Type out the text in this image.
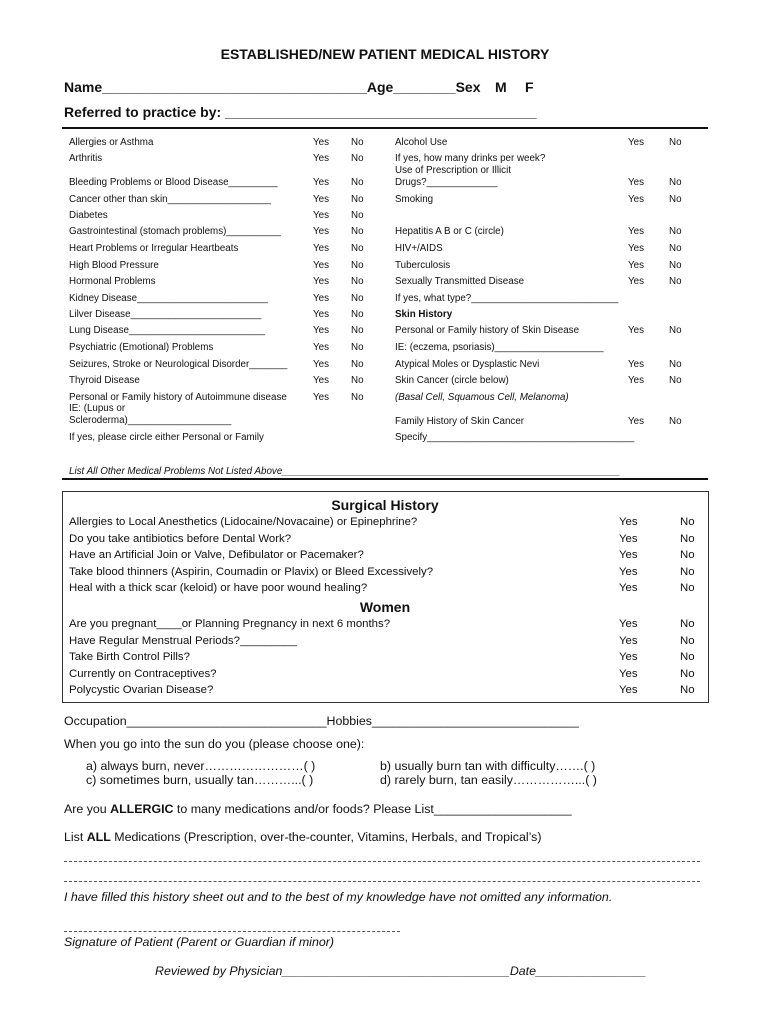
ESTABLISHED/NEW PATIENT MEDICAL HISTORY
Name__________________________________Age________Sex M F
Referred to practice by: ________________________________________
Allergies or Asthma	Yes No
Arthritis	Yes No
Bleeding Problems or Blood Disease_________	Yes No
Cancer other than skin___________________	Yes No
Diabetes	Yes No
Gastrointestinal (stomach problems)__________	Yes No
Heart Problems or Irregular Heartbeats	Yes No
High Blood Pressure	Yes No
Hormonal Problems	Yes No
Kidney Disease________________________	Yes No
Lilver Disease________________________	Yes No
Lung Disease_________________________	Yes No
Psychiatric (Emotional) Problems	Yes No
Seizures, Stroke or Neurological Disorder_______	Yes No
Thyroid Disease	Yes No
Personal or Family history of Autoimmune disease	Yes No
IE: (Lupus or
Scleroderma)___________________
If yes, please circle either Personal or Family
Alcohol Use	Yes	No
If yes, how many drinks per week?
Use of Prescription or Illicit
Drugs?_____________	Yes	No
Smoking	Yes	No
Hepatitis A B or C (circle)	Yes	No
HIV+/AIDS	Yes	No
Tuberculosis	Yes	No
Sexually Transmitted Disease	Yes	No
If yes, what type?___________________________
Skin History
Personal or Family history of Skin Disease	Yes	No
IE: (eczema, psoriasis)____________________
Atypical Moles or Dysplastic Nevi	Yes	No
Skin Cancer (circle below)	Yes	No
(Basal Cell, Squamous Cell, Melanoma)
Family History of Skin Cancer	Yes	No
Specify______________________________________
List All Other Medical Problems Not Listed Above______________________________________________________________
Surgical History
Allergies to Local Anesthetics (Lidocaine/Novacaine) or Epinephrine?	Yes	No
Do you take antibiotics before Dental Work?	Yes	No
Have an Artificial Join or Valve, Defibulator or Pacemaker?	Yes	No
Take blood thinners (Aspirin, Coumadin or Plavix) or Bleed Excessively?	Yes	No
Heal with a thick scar (keloid) or have poor wound healing?	Yes	No
Women
Are you pregnant____or Planning Pregnancy in next 6 months?	Yes	No
Have Regular Menstrual Periods?_________	Yes	No
Take Birth Control Pills?	Yes	No
Currently on Contraceptives?	Yes	No
Polycystic Ovarian Disease?	Yes	No
Occupation_____________________________Hobbies______________________________
When you go into the sun do you (please choose one):
a) always burn, never……………………( )	b) usually burn tan with difficulty…….( )
c) sometimes burn, usually tan………...( )	d) rarely burn, tan easily……………...( )
Are you ALLERGIC to many medications and/or foods? Please List____________________
List ALL Medications (Prescription, over-the-counter, Vitamins, Herbals, and Tropical’s)
I have filled this history sheet out and to the best of my knowledge have not omitted any information.
Signature of Patient (Parent or Guardian if minor)
Reviewed by Physician_________________________________Date________________
